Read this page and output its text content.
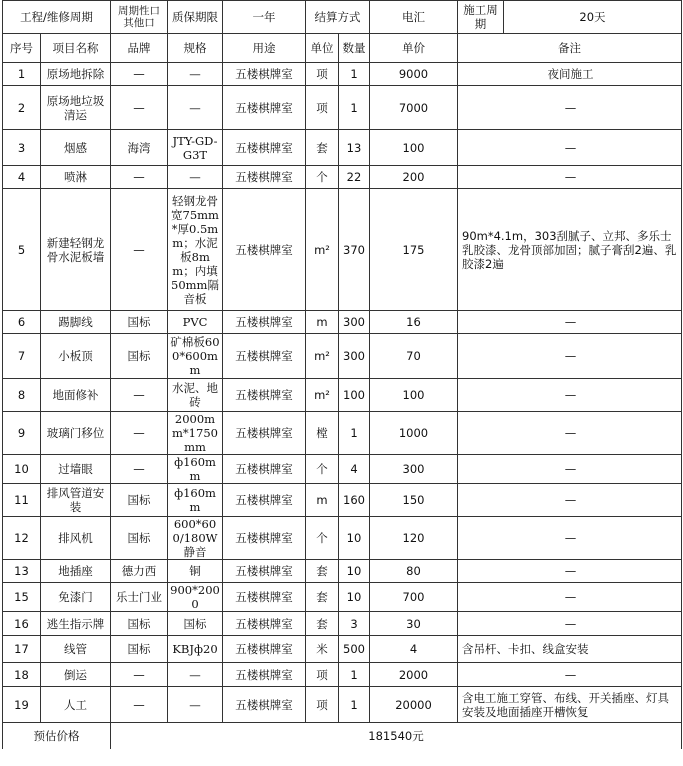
工程/维修周期		周期性口 其他口	质保期限	一年	结算方式		电汇	施工周期	20天
序号	项目名称	品牌	规格	用途	单位	数量	单价	备注	
1	原场地拆除	—	—	五楼棋牌室	项	1	9000	夜间施工	
2	原场地垃圾清运	—	—	五楼棋牌室	项	1	7000	—	
3	烟感	海湾	JTY-GD-G3T	五楼棋牌室	套	13	100	—	
4	喷淋	—	—	五楼棋牌室	个	22	200	—	
5	新建轻钢龙骨水泥板墙	—	轻钢龙骨宽75mm*厚0.5mm；水泥板8mm；内填50mm隔音板	五楼棋牌室	m²	370	175	90m*4.1m，303刮腻子、立邦、多乐士乳胶漆、龙骨顶部加固；腻子膏刮2遍、乳胶漆2遍	
6	踢脚线	国标	PVC	五楼棋牌室	m	300	16	—	
7	小板顶	国标	矿棉板600*600mm	五楼棋牌室	m²	300	70	—	
8	地面修补	—	水泥、地砖	五楼棋牌室	m²	100	100	—	
9	玻璃门移位	—	2000mm*1750mm	五楼棋牌室	樘	1	1000	—	
10	过墙眼	—	ф160mm	五楼棋牌室	个	4	300	—	
11	排风管道安装	国标	ф160mm	五楼棋牌室	m	160	150	—	
12	排风机	国标	600*600/180W静音	五楼棋牌室	个	10	120	—	
13	地插座	德力西	铜	五楼棋牌室	套	10	80	—	
15	免漆门	乐士门业	900*2000	五楼棋牌室	套	10	700	—	
16	逃生指示牌	国标	国标	五楼棋牌室	套	3	30	—	
17	线管	国标	KBJф20	五楼棋牌室	米	500	4	含吊杆、卡扣、线盒安装	
18	倒运	—	—	五楼棋牌室	项	1	2000	—	
19	人工	—	—	五楼棋牌室	项	1	20000	含电工施工穿管、布线、开关插座、灯具安装及地面插座开槽恢复	
预估价格		181540元							
